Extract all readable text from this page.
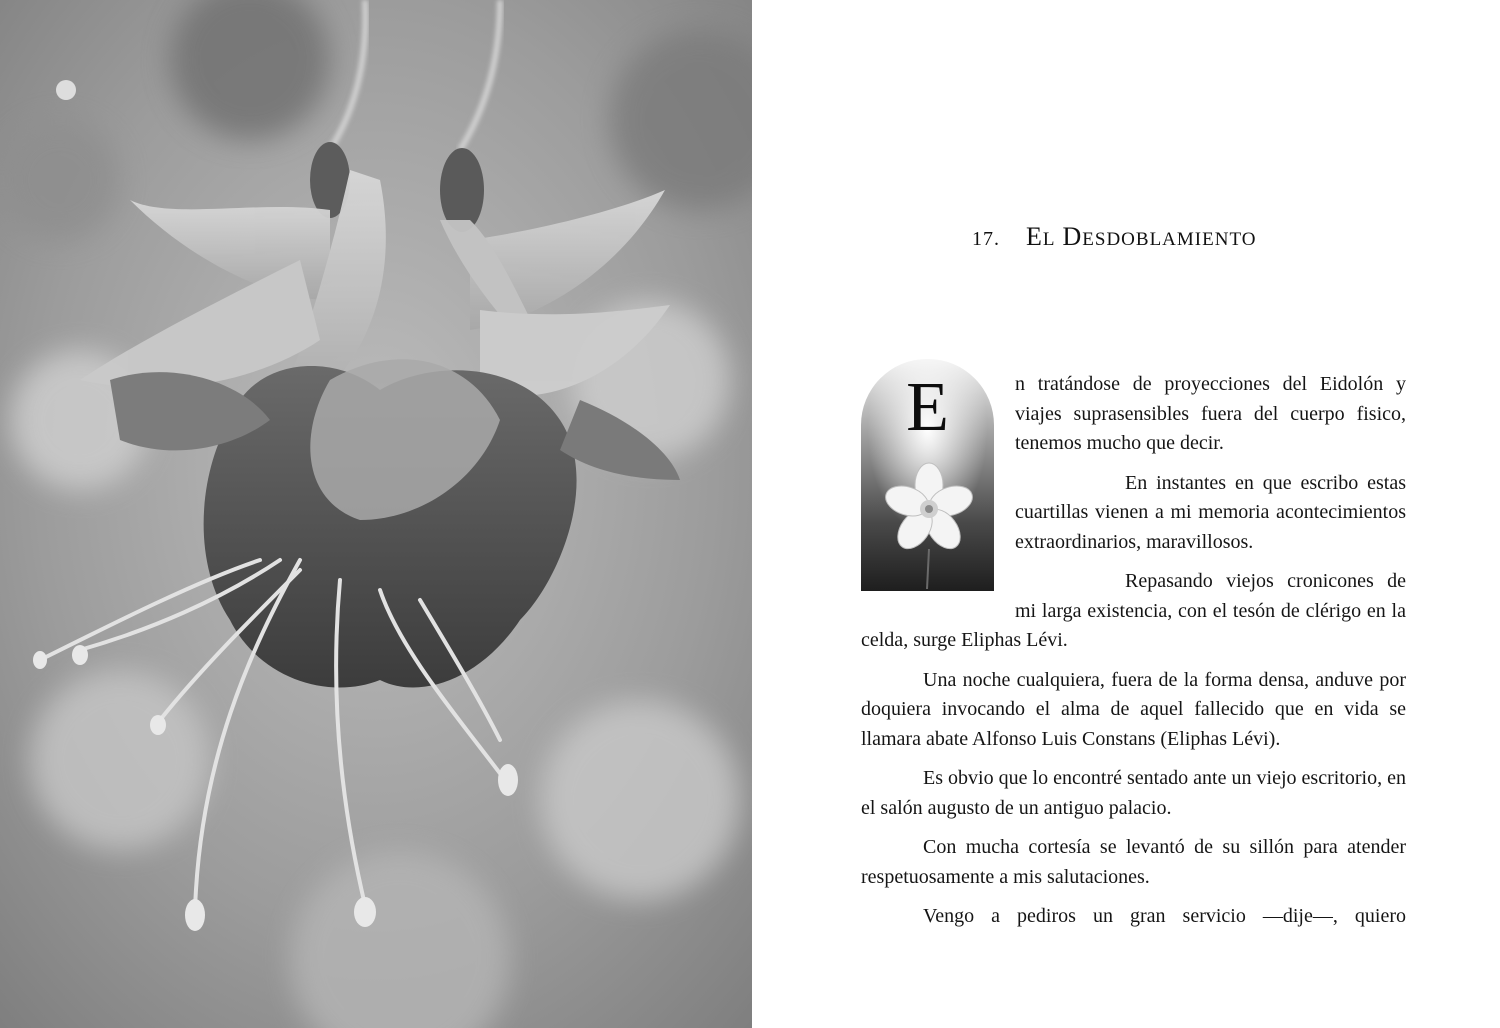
17. EL DESDOBLAMIENTO
E	n tratándose de proyecciones del Eidolón y viajes suprasensibles fuera del cuerpo fisico, tenemos mucho que decir.

En instantes en que escribo estas cuartillas vienen a mi memoria acontecimientos extraordinarios, maravillosos.

Repasando viejos cronicones de mi larga existencia, con el tesón de clérigo en la celda, surge Eliphas Lévi.

Una noche cualquiera, fuera de la forma densa, anduve por doquiera invocando el alma de aquel fallecido que en vida se llamara abate Alfonso Luis Constans (Eliphas Lévi).

Es obvio que lo encontré sentado ante un viejo escritorio, en el salón augusto de un antiguo palacio.

Con mucha cortesía se levantó de su sillón para atender respetuosamente a mis salutaciones.

Vengo a pediros un gran servicio —dije—, quiero
